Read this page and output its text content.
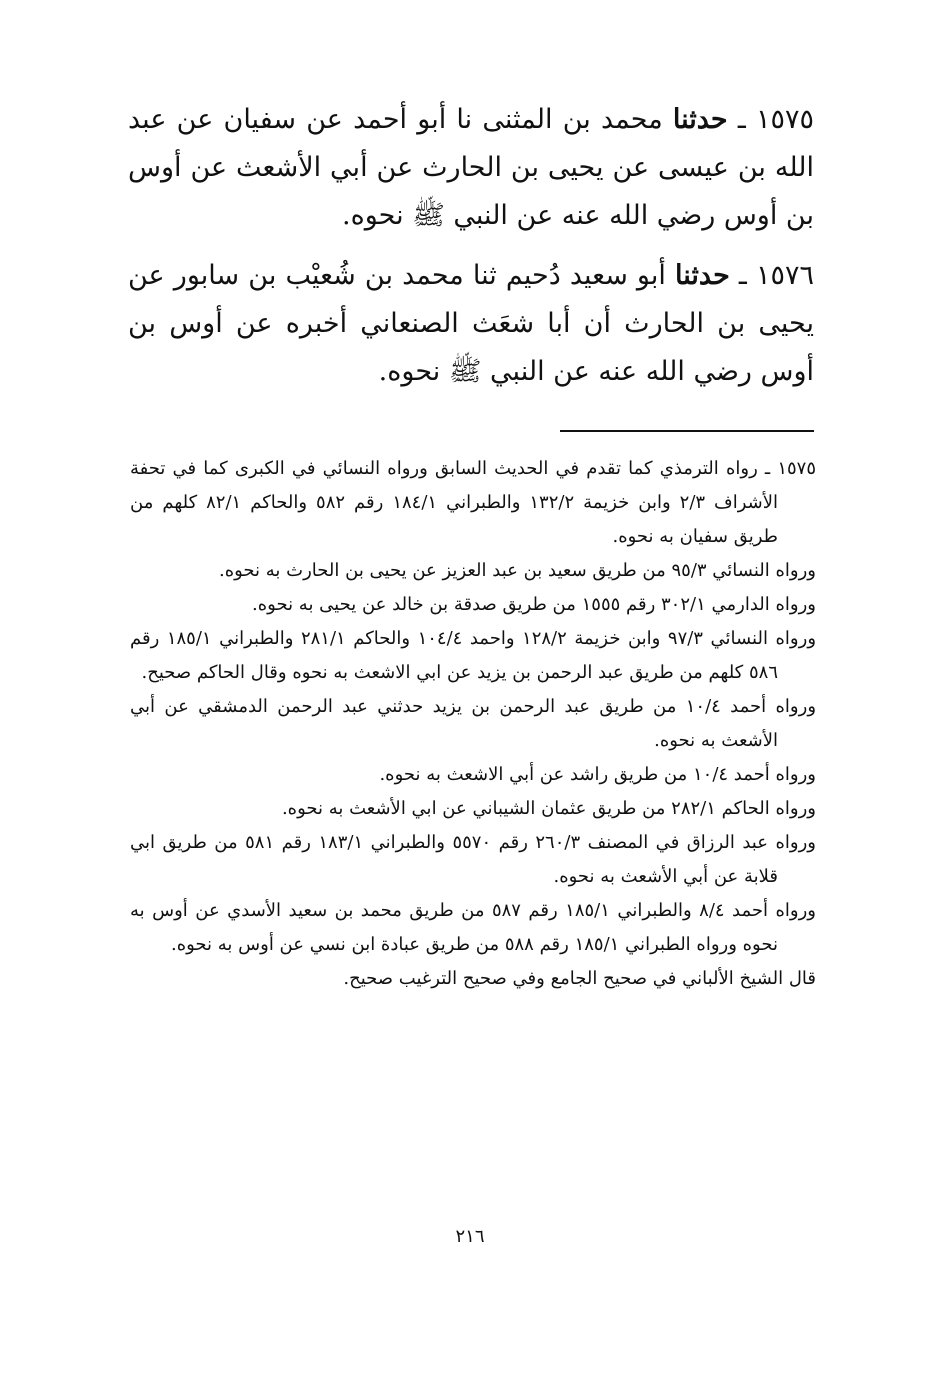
١٥٧٥ ـ حدثنا محمد بن المثنى نا أبو أحمد عن سفيان عن عبد الله بن عيسى عن يحيى بن الحارث عن أبي الأشعث عن أوس بن أوس رضي الله عنه عن النبي ﷺ نحوه.

١٥٧٦ ـ حدثنا أبو سعيد دُحيم ثنا محمد بن شُعيْب بن سابور عن يحيى بن الحارث أن أبا شعَث الصنعاني أخبره عن أوس بن أوس رضي الله عنه عن النبي ﷺ نحوه.

١٥٧٥ ـ رواه الترمذي كما تقدم في الحديث السابق ورواه النسائي في الكبرى كما في تحفة الأشراف ٢/٣ وابن خزيمة ١٣٢/٢ والطبراني ١٨٤/١ رقم ٥٨٢ والحاكم ٨٢/١ كلهم من طريق سفيان به نحوه.

ورواه النسائي ٩٥/٣ من طريق سعيد بن عبد العزيز عن يحيى بن الحارث به نحوه.

ورواه الدارمي ٣٠٢/١ رقم ١٥٥٥ من طريق صدقة بن خالد عن يحيى به نحوه.

ورواه النسائي ٩٧/٣ وابن خزيمة ١٢٨/٢ واحمد ١٠٤/٤ والحاكم ٢٨١/١ والطبراني ١٨٥/١ رقم ٥٨٦ كلهم من طريق عبد الرحمن بن يزيد عن ابي الاشعث به نحوه وقال الحاكم صحيح.

ورواه أحمد ١٠/٤ من طريق عبد الرحمن بن يزيد حدثني عبد الرحمن الدمشقي عن أبي الأشعث به نحوه.

ورواه أحمد ١٠/٤ من طريق راشد عن أبي الاشعث به نحوه.

ورواه الحاكم ٢٨٢/١ من طريق عثمان الشيباني عن ابي الأشعث به نحوه.

ورواه عبد الرزاق في المصنف ٢٦٠/٣ رقم ٥٥٧٠ والطبراني ١٨٣/١ رقم ٥٨١ من طريق ابي قلابة عن أبي الأشعث به نحوه.

ورواه أحمد ٨/٤ والطبراني ١٨٥/١ رقم ٥٨٧ من طريق محمد بن سعيد الأسدي عن أوس به نحوه ورواه الطبراني ١٨٥/١ رقم ٥٨٨ من طريق عبادة ابن نسي عن أوس به نحوه.

قال الشيخ الألباني في صحيح الجامع وفي صحيح الترغيب صحيح.

٢١٦
